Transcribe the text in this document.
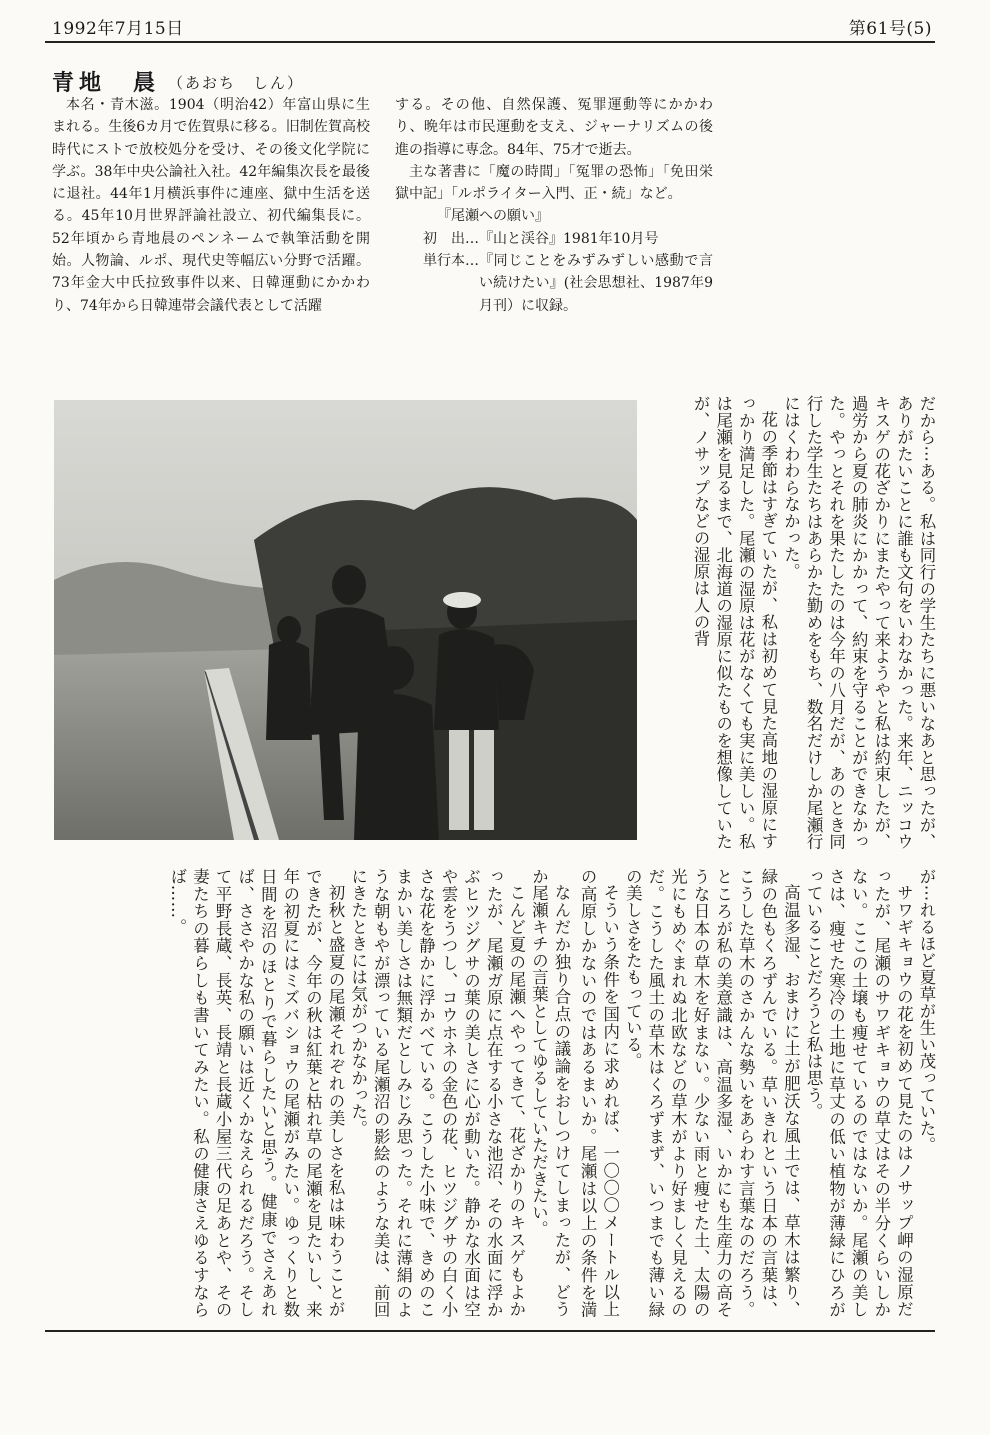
1992年7月15日	第61号(5)
青地　晨 （あおち　しん）

本名・青木滋。1904（明治42）年富山県に生まれる。生後6カ月で佐賀県に移る。旧制佐賀高校時代にストで放校処分を受け、その後文化学院に学ぶ。38年中央公論社入社。42年編集次長を最後に退社。44年1月横浜事件に連座、獄中生活を送る。45年10月世界評論社設立、初代編集長に。52年頃から青地晨のペンネームで執筆活動を開始。人物論、ルポ、現代史等幅広い分野で活躍。73年金大中氏拉致事件以来、日韓運動にかかわり、74年から日韓連帯会議代表として活躍

する。その他、自然保護、冤罪運動等にかかわり、晩年は市民運動を支え、ジャーナリズムの後進の指導に専念。84年、75才で逝去。

主な著書に「魔の時間」「冤罪の恐怖」「免田栄獄中記」「ルポライター入門、正・続」など。

『尾瀬への願い』

初　出… 『山と渓谷』1981年10月号
単行本… 『同じことをみずみずしい感動で言い続けたい』(社会思想社、1987年9月刊）に収録。

だから⋯ある。私は同行の学生たちに悪いなあと思ったが、ありがたいことに誰も文句をいわなかった。来年、ニッコウキスゲの花ざかりにまたやって来ようやと私は約束したが、過労から夏の肺炎にかかって、約束を守ることができなかった。やっとそれを果たしたのは今年の八月だが、あのとき同行した学生たちはあらかた勤めをもち、数名だけしか尾瀬行にはくわわらなかった。

花の季節はすぎていたが、私は初めて見た高地の湿原にすっかり満足した。尾瀬の湿原は花がなくても実に美しい。私は尾瀬を見るまで、北海道の湿原に似たものを想像していたが、ノサップなどの湿原は人の背

が⋯れるほど夏草が生い茂っていた。

サワギキョウの花を初めて見たのはノサップ岬の湿原だったが、尾瀬のサワギキョウの草丈はその半分くらいしかない。ここの土壌も痩せているのではないか。尾瀬の美しさは、痩せた寒冷の土地に草丈の低い植物が薄緑にひろがっていることだろうと私は思う。

高温多湿、おまけに土が肥沃な風土では、草木は繁り、緑の色もくろずんでいる。草いきれという日本の言葉は、こうした草木のさかんな勢いをあらわす言葉なのだろう。ところが私の美意識は、高温多湿、いかにも生産力の高そうな日本の草木を好まない。少ない雨と痩せた土、太陽の光にもめぐまれぬ北欧などの草木がより好ましく見えるのだ。こうした風土の草木はくろずまず、いつまでも薄い緑の美しさをたもっている。

そういう条件を国内に求めれば、一〇〇〇メートル以上の高原しかないのではあるまいか。尾瀬は以上の条件を満

なんだか独り合点の議論をおしつけてしまったが、どうか尾瀬キチの言葉としてゆるしていただきたい。

こんど夏の尾瀬へやってきて、花ざかりのキスゲもよかったが、尾瀬ガ原に点在する小さな池沼、その水面に浮かぶヒツジグサの葉の美しさに心が動いた。静かな水面は空や雲をうつし、コウホネの金色の花、ヒツジグサの白く小さな花を静かに浮かべている。こうした小味で、きめのこまかい美しさは無類だとしみじみ思った。それに薄絹のような朝もやが漂っている尾瀬沼の影絵のような美は、前回にきたときには気がつかなかった。

初秋と盛夏の尾瀬それぞれの美しさを私は味わうことができたが、今年の秋は紅葉と枯れ草の尾瀬を見たいし、来年の初夏にはミズバショウの尾瀬がみたい。ゆっくりと数日間を沼のほとりで暮らしたいと思う。健康でさえあれば、ささやかな私の願いは近くかなえられるだろう。そして平野長蔵、長英、長靖と長蔵小屋三代の足あとや、その妻たちの暮らしも書いてみたい。私の健康さえゆるすならば……。
